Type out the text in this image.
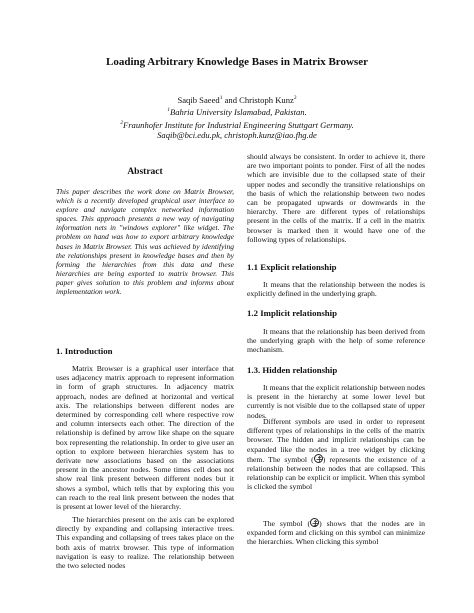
Loading Arbitrary Knowledge Bases in Matrix Browser
Saqib Saeed$^1$ and Christoph Kunz$^2$
$^1$Bahria University Islamabad, Pakistan.
$^2$Fraunhofer Institute for Industrial Engineering Stuttgart Germany.
Saqib@bci.edu.pk, christoph.kunz@iao.fhg.de
Abstract
This paper describes the work done on Matrix Browser, which is a recently developed graphical user interface to explore and navigate complex networked information spaces. This approach presents a new way of navigating information nets in "windows explorer" like widget. The problem on hand was how to export arbitrary knowledge bases in Matrix Browser. This was achieved by identifying the relationships present in knowledge bases and then by forming the hierarchies from this data and these hierarchies are being exported to matrix browser. This paper gives solution to this problem and informs about implementation work.
1. Introduction
Matrix Browser is a graphical user interface that uses adjacency matrix approach to represent information in form of graph structures. In adjacency matrix approach, nodes are defined at horizontal and vertical axis. The relationships between different nodes are determined by corresponding cell where respective row and column intersects each other. The direction of the relationship is defined by arrow like shape on the square box representing the relationship. In order to give user an option to explore between hierarchies system has to derivate new associations based on the associations present in the ancestor nodes. Some times cell does not show real link present between different nodes but it shows a symbol, which tells that by exploring this you can reach to the real link present between the nodes that is present at lower level of the hierarchy.
The hierarchies present on the axis can be explored directly by expanding and collapsing interactive trees. This expanding and collapsing of trees takes place on the both axis of matrix browser. This type of information navigation is easy to realize. The relationship between the two selected nodes
should always be consistent. In order to achieve it, there are two important points to ponder. First of all the nodes which are invisible due to the collapsed state of their upper nodes and secondly the transitive relationships on the basis of which the relationship between two nodes can be propagated upwards or downwards in the hierarchy. There are different types of relationships present in the cells of the matrix. If a cell in the matrix browser is marked then it would have one of the following types of relationships.
1.1 Explicit relationship
It means that the relationship between the nodes is explicitly defined in the underlying graph.
1.2 Implicit relationship
It means that the relationship has been derived from the underlying graph with the help of some reference mechanism.
1.3. Hidden relationship
It means that the explicit relationship between nodes is present in the hierarchy at some lower level but currently is not visible due to the collapsed state of upper nodes.
Different symbols are used in order to represent different types of relationships in the cells of the matrix browser. The hidden and implicit relationships can be expanded like the nodes in a tree widget by clicking them. The symbol ( ) represents the existence of a relationship between the nodes that are collapsed. This relationship can be explicit or implicit. When this symbol is clicked the symbol
The symbol ( ) shows that the nodes are in expanded form and clicking on this symbol can minimize the hierarchies. When clicking this symbol
